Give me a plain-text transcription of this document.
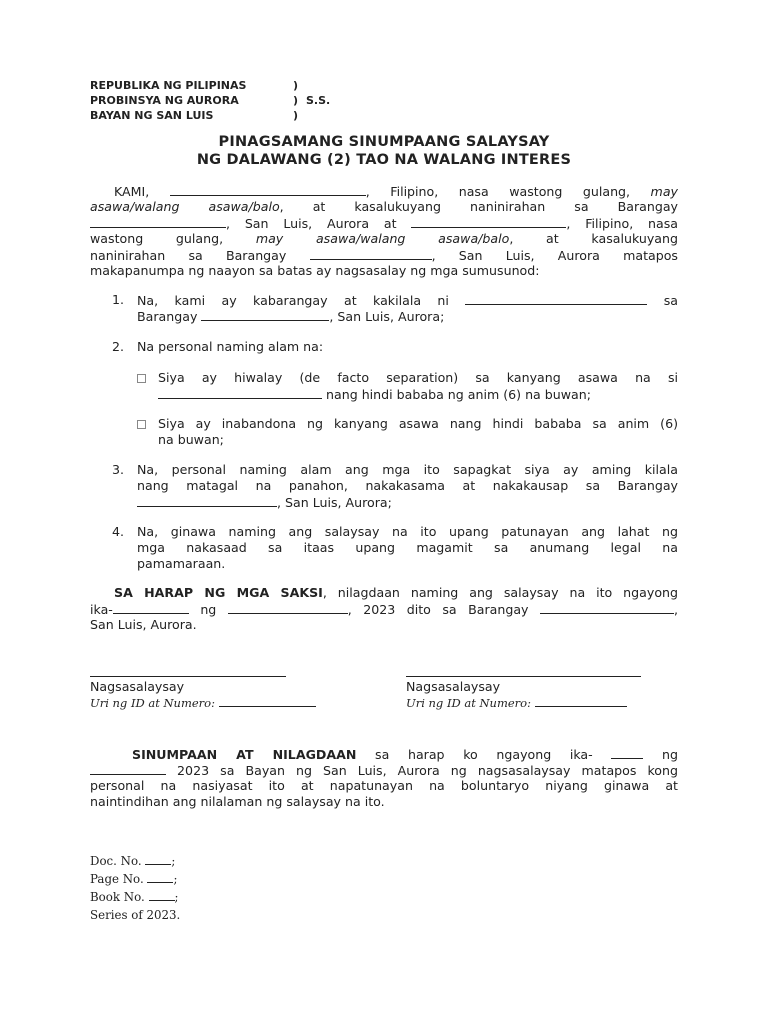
REPUBLIKA NG PILIPINAS	)
PROBINSYA NG AURORA	) S.S.
BAYAN NG SAN LUIS	)
PINAGSAMANG SINUMPAANG SALAYSAY
NG DALAWANG (2) TAO NA WALANG INTERES
KAMI,	, Filipino, nasa wastong gulang, may
asawa/walang asawa/balo, at kasalukuyang naninirahan sa Barangay
, San Luis, Aurora at	, Filipino, nasa
wastong gulang,	may asawa/walang asawa/balo, at kasalukuyang
naninirahan sa Barangay	, San Luis, Aurora matapos
makapanumpa ng naayon sa batas ay nagsasalay ng mga sumusunod:
1. Na, kami ay kabarangay at kakilala ni	sa
Barangay	, San Luis, Aurora;
2. Na personal naming alam na:
Siya ay hiwalay (de facto separation) sa kanyang asawa na si
nang hindi bababa ng anim (6) na buwan;
Siya ay inabandona ng kanyang asawa nang hindi bababa sa anim (6)
na buwan;
3. Na, personal naming alam ang mga ito sapagkat siya ay aming kilala
nang matagal na panahon, nakakasama at nakakausap sa Barangay
, San Luis, Aurora;
4. Na, ginawa naming ang salaysay na ito upang patunayan ang lahat ng
mga nakasaad sa itaas upang magamit sa anumang legal na
pamamaraan.
SA HARAP NG MGA SAKSI, nilagdaan naming ang salaysay na ito ngayong
ika-	ng	, 2023 dito sa Barangay	,
San Luis, Aurora.
Nagsasalaysay	Nagsasalaysay
Uri ng ID at Numero:	Uri ng ID at Numero:
SINUMPAAN AT NILAGDAAN sa harap ko ngayong ika-	ng
2023 sa Bayan ng San Luis, Aurora ng nagsasalaysay matapos kong
personal na nasiyasat ito at napatunayan na boluntaryo niyang ginawa at
naintindihan ang nilalaman ng salaysay na ito.
Doc. No.	;
Page No.	;
Book No.	;
Series of 2023.
